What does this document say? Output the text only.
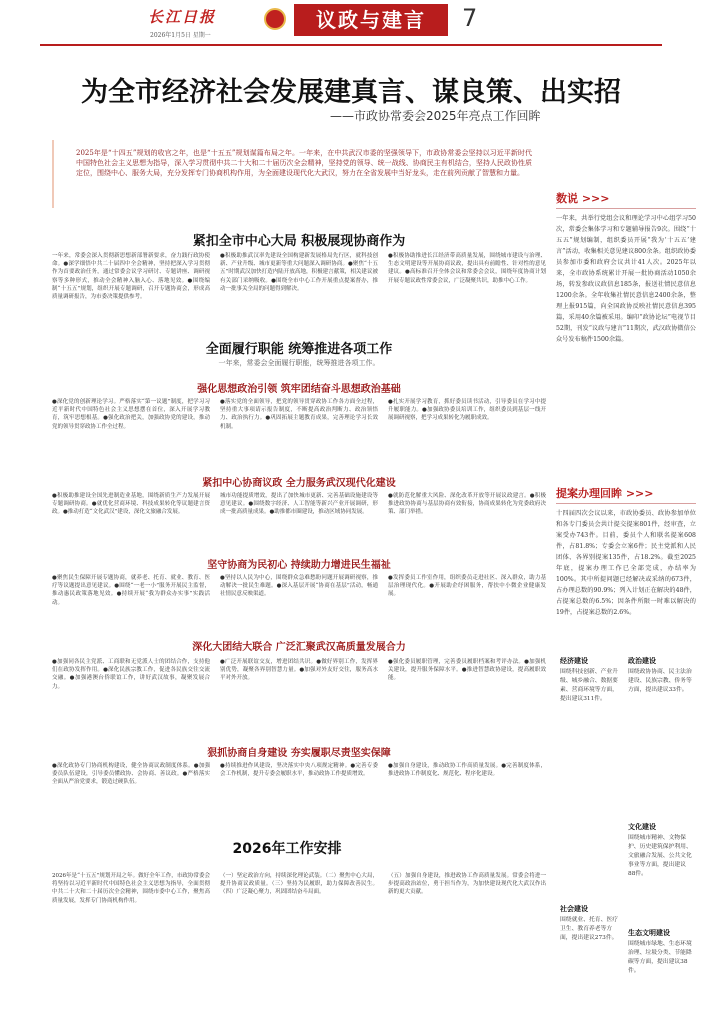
长江日报
2026年1月5日 星期一
议政与建言	7
为全市经济社会发展建真言、谋良策、出实招
——市政协常委会2025年亮点工作回眸
2025年是“十四五”规划的收官之年，也是“十五五”规划谋篇布局之年。一年来，在中共武汉市委的坚强领导下，市政协常委会坚持以习近平新时代中国特色社会主义思想为指导，深入学习贯彻中共二十大和二十届历次全会精神，坚持党的领导、统一战线、协商民主有机结合，坚持人民政协性质定位，围绕中心、服务大局，充分发挥专门协商机构作用，为全面建设现代化大武汉，努力在全省发展中当好龙头，走在前列贡献了智慧和力量。
紧扣全市中心大局 积极展现协商作为
一年来，常委会深入贯彻新思想新部署新要求，奋力践行政协使命。●深学细悟中共二十届四中全会精神，坚持把深入学习贯彻作为首要政治任务，通过常委会议学习研讨、专题讲座、调研视察等多种形式，推动全会精神入脑入心、落地见效。●围绕编制“十五五”规划，组织开展专题调研，召开专题协商会，形成高质量调研报告，为市委决策提供参考。
●积极助推武汉率先建设全国构建新发展格局先行区，就科技创新、产业升级、城市更新等重大问题深入调研协商。●聚焦“十五五”时期武汉加快打造内陆开放高地，积极建言献策，相关建议被有关部门采纳吸收。●围绕全市中心工作开展重点提案督办，推动一批事关全局的问题得到解决。
●积极协助推进长江经济带高质量发展，围绕城市建设与治理、生态文明建设等开展协商议政，提出具有前瞻性、针对性的意见建议。●高标准召开全体会议和常委会会议，围绕年度协商计划开展专题议政性常委会议，广泛凝聚共识，助推中心工作。
全面履行职能 统筹推进各项工作
一年来，常委会全面履行职能，统筹推进各项工作。
强化思想政治引领 筑牢团结奋斗思想政治基础
●深化党的创新理论学习。严格落实“第一议题”制度，把学习习近平新时代中国特色社会主义思想摆在首位，深入开展学习教育，筑牢思想根基。●强化政治把关，加强政协党的建设，推动党的领导贯穿政协工作全过程。
●落实党的全面领导，把党的领导贯穿政协工作各方面全过程，坚持重大事项请示报告制度，不断提高政治判断力、政治领悟力、政治执行力。●巩固拓展主题教育成果，完善理论学习长效机制。
●扎实开展学习教育，抓好委员读书活动，引导委员在学习中提升履职能力。●加强政协委员培训工作，组织委员到基层一线开展调研视察，把学习成果转化为履职成效。
紧扣中心协商议政 全力服务武汉现代化建设
●积极助推建设全国先进制造业基地，围绕新质生产力发展开展专题调研协商。●就优化营商环境、科技成果转化等议题建言资政。●推动打造“文化武汉”建设，深化文旅融合发展。
城市功能提质增效，提出了加快城市更新、完善基础设施建设等意见建议。●围绕数字经济、人工智能等新兴产业开展调研，形成一批高质量成果。●助推都市圈建设，推动区域协同发展。
●就防范化解重大风险、深化改革开放等开展议政建言。●积极推进政协协商与基层协商有效衔接，协商成果转化为党委政府决策、部门举措。
坚守协商为民初心 持续助力增进民生福祉
●聚焦民生保障开展专题协商，就养老、托育、就业、教育、医疗等议题提出意见建议。●围绕“一老一小”服务开展民主监督，推动惠民政策落地见效。●持续开展“我为群众办实事”实践活动。
●坚持以人民为中心，围绕群众急难愁盼问题开展调研视察，推动解决一批民生难题。●深入基层开展“协商在基层”活动，畅通社情民意反映渠道。
●发挥委员工作室作用，组织委员走进社区、深入群众，助力基层治理现代化。●开展助企纾困服务，帮扶中小微企业健康发展。
深化大团结大联合 广泛汇聚武汉高质量发展合力
●加强同各民主党派、工商联和无党派人士的团结合作，支持他们在政协发挥作用。●深化民族宗教工作，促进各民族交往交流交融。●加强港澳台侨联谊工作，讲好武汉故事，凝聚发展合力。
●广泛开展联谊交友，增进团结共识。●做好界别工作，发挥界别优势，凝聚各界别智慧力量。●加强对外友好交往，服务高水平对外开放。
●强化委员履职管理，完善委员履职档案和考评办法。●加强机关建设，提升服务保障水平。●推进智慧政协建设，提高履职效能。
狠抓协商自身建设 夯实履职尽责坚实保障
●深化政协专门协商机构建设，健全协商议政制度体系。●加强委员队伍建设，引导委员懂政协、会协商、善议政。●严格落实全面从严治党要求，锻造过硬队伍。
●持续推进作风建设，坚决落实中央八项规定精神。●完善专委会工作机制，提升专委会履职水平，推动政协工作提质增效。
●加强自身建设，推动政协工作高质量发展。●完善制度体系，推进政协工作制度化、规范化、程序化建设。
2026年是“十五五”规划开局之年。做好全年工作，市政协常委会将坚持以习近平新时代中国特色社会主义思想为指导，全面贯彻中共二十大和二十届历次全会精神，围绕市委中心工作，聚焦高质量发展，发挥专门协商机构作用。
（一）坚定政治方向，持续深化理论武装。（二）聚焦中心大局，提升协商议政质量。（三）坚持为民履职，助力保障改善民生。（四）广泛凝心聚力，巩固团结奋斗局面。
（五）加强自身建设，推进政协工作高质量发展。常委会将进一步提高政治站位，勇于担当作为，为加快建设现代化大武汉作出新的更大贡献。
2026年工作安排
数说 >>>
一年来，共举行党组会议和理论学习中心组学习50次，常委会集体学习和专题辅导报告9次。围绕“十五五”规划编制，组织委员开展“我为‘十五五’建言”活动，收集相关意见建议800余条。组织政协委员参加市委和政府会议共计41人次。2025年以来，全市政协系统累计开展一批协商活动1050余场，转发参政议政信息185条，报送社情民意信息1200余条。全年收集社情民意信息2400余条，整理上报915篇，向全国政协反映社情民意信息395篇，采用40余篇被采用。编印“政协论坛”电视节目52期，刊发“议政与建言”11期次，武汉政协微信公众号发布稿件1500余篇。
提案办理回眸 >>>
十四届四次会议以来，市政协委员、政协参加单位和各专门委员会共计提交提案801件，经审查，立案受办743件。目前，委员个人和联名提案608件，占81.8%；专委会立案6件；民主党派和人民团体、各界别提案135件，占18.2%。截至2025年底，提案办理工作已全部完成，办结率为100%。其中所提问题已经解决或采纳的673件，占办理总数的90.9%；列入计划正在解决的48件，占提案总数的6.5%；因条件所限一时难以解决的19件，占提案总数的2.6%。
经济建设
围绕科技创新、产业升级、城乡融合、数据要素、营商环境等方面，提出建议311件。
政治建设
围绕政协协商、民主法治建设、民族宗教、侨务等方面，提出建议33件。
文化建设
围绕城市精神、文物保护、历史建筑保护利用、文旅融合发展、公共文化事业等方面，提出建议88件。
社会建设
围绕就业、托育、医疗卫生、教育养老等方面，提出建议273件。
生态文明建设
围绕城市绿地、生态环境治理、垃圾分类、节能降碳等方面，提出建议38件。
